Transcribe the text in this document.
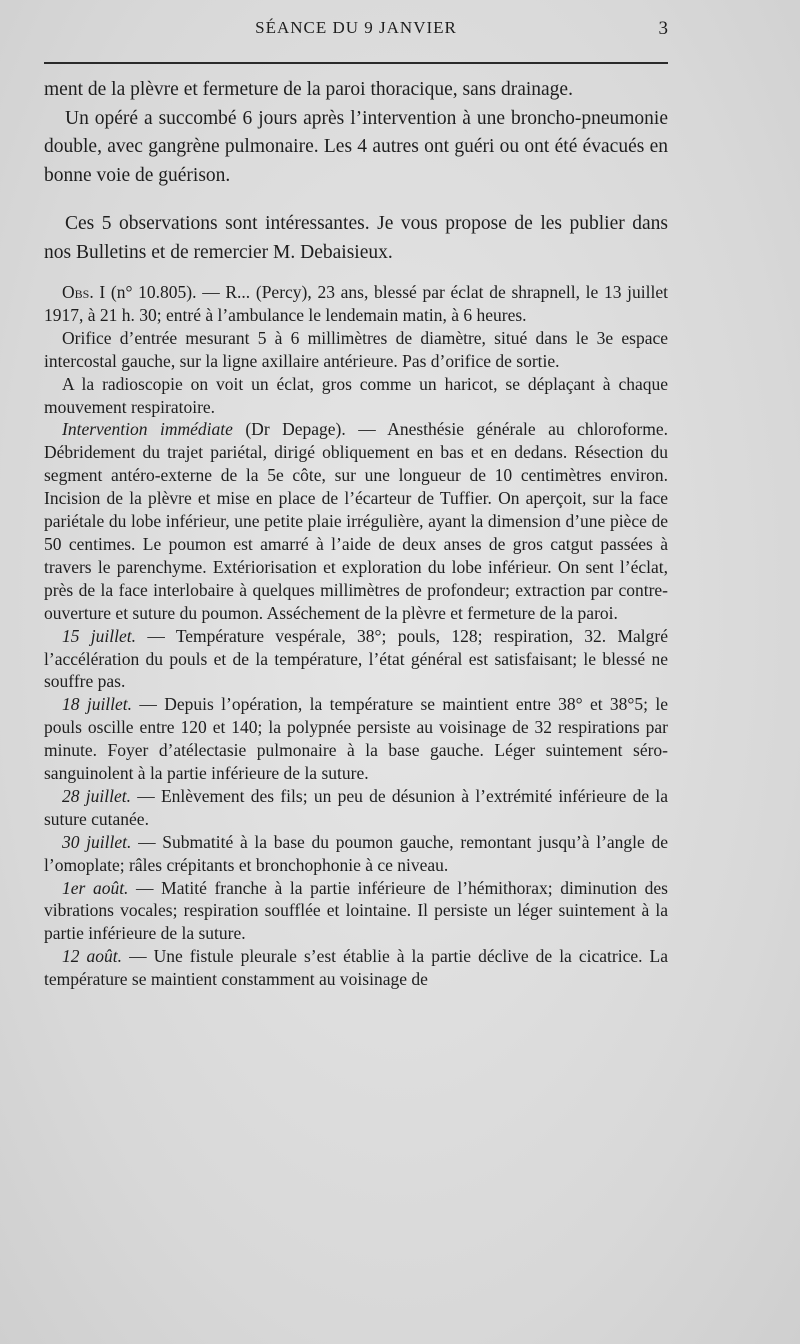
SÉANCE DU 9 JANVIER	3

ment de la plèvre et fermeture de la paroi thoracique, sans drainage.

Un opéré a succombé 6 jours après l’intervention à une broncho-pneumonie double, avec gangrène pulmonaire. Les 4 autres ont guéri ou ont été évacués en bonne voie de guérison.

Ces 5 observations sont intéressantes. Je vous propose de les publier dans nos Bulletins et de remercier M. Debaisieux.

Obs. I (n° 10.805). — R... (Percy), 23 ans, blessé par éclat de shrapnell, le 13 juillet 1917, à 21 h. 30; entré à l’ambulance le lendemain matin, à 6 heures.

Orifice d’entrée mesurant 5 à 6 millimètres de diamètre, situé dans le 3e espace intercostal gauche, sur la ligne axillaire antérieure. Pas d’orifice de sortie.

A la radioscopie on voit un éclat, gros comme un haricot, se déplaçant à chaque mouvement respiratoire.

Intervention immédiate (Dr Depage). — Anesthésie générale au chloroforme. Débridement du trajet pariétal, dirigé obliquement en bas et en dedans. Résection du segment antéro-externe de la 5e côte, sur une longueur de 10 centimètres environ. Incision de la plèvre et mise en place de l’écarteur de Tuffier. On aperçoit, sur la face pariétale du lobe inférieur, une petite plaie irrégulière, ayant la dimension d’une pièce de 50 centimes. Le poumon est amarré à l’aide de deux anses de gros catgut passées à travers le parenchyme. Extériorisation et exploration du lobe inférieur. On sent l’éclat, près de la face interlobaire à quelques millimètres de profondeur; extraction par contre-ouverture et suture du poumon. Asséchement de la plèvre et fermeture de la paroi.

15 juillet. — Température vespérale, 38°; pouls, 128; respiration, 32. Malgré l’accélération du pouls et de la température, l’état général est satisfaisant; le blessé ne souffre pas.

18 juillet. — Depuis l’opération, la température se maintient entre 38° et 38°5; le pouls oscille entre 120 et 140; la polypnée persiste au voisinage de 32 respirations par minute. Foyer d’atélectasie pulmonaire à la base gauche. Léger suintement séro-sanguinolent à la partie inférieure de la suture.

28 juillet. — Enlèvement des fils; un peu de désunion à l’extrémité inférieure de la suture cutanée.

30 juillet. — Submatité à la base du poumon gauche, remontant jusqu’à l’angle de l’omoplate; râles crépitants et bronchophonie à ce niveau.

1er août. — Matité franche à la partie inférieure de l’hémithorax; diminution des vibrations vocales; respiration soufflée et lointaine. Il persiste un léger suintement à la partie inférieure de la suture.

12 août. — Une fistule pleurale s’est établie à la partie déclive de la cicatrice. La température se maintient constamment au voisinage de
